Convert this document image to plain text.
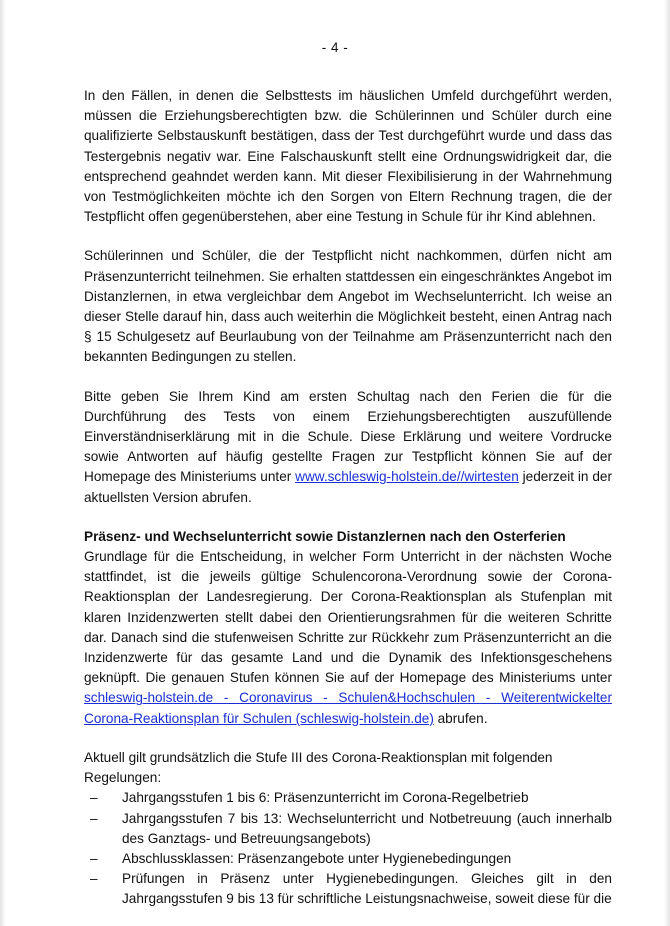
- 4 -

In den Fällen, in denen die Selbsttests im häuslichen Umfeld durchgeführt werden, müssen die Erziehungsberechtigten bzw. die Schülerinnen und Schüler durch eine qualifizierte Selbstauskunft bestätigen, dass der Test durchgeführt wurde und dass das Testergebnis negativ war. Eine Falschauskunft stellt eine Ordnungswidrigkeit dar, die entsprechend geahndet werden kann. Mit dieser Flexibilisierung in der Wahrnehmung von Testmöglichkeiten möchte ich den Sorgen von Eltern Rechnung tragen, die der Testpflicht offen gegenüberstehen, aber eine Testung in Schule für ihr Kind ablehnen.

Schülerinnen und Schüler, die der Testpflicht nicht nachkommen, dürfen nicht am Präsenzunterricht teilnehmen. Sie erhalten stattdessen ein eingeschränktes Angebot im Distanzlernen, in etwa vergleichbar dem Angebot im Wechselunterricht. Ich weise an dieser Stelle darauf hin, dass auch weiterhin die Möglichkeit besteht, einen Antrag nach § 15 Schulgesetz auf Beurlaubung von der Teilnahme am Präsenzunterricht nach den bekannten Bedingungen zu stellen.

Bitte geben Sie Ihrem Kind am ersten Schultag nach den Ferien die für die Durchführung des Tests von einem Erziehungsberechtigten auszufüllende Einverständniserklärung mit in die Schule. Diese Erklärung und weitere Vordrucke sowie Antworten auf häufig gestellte Fragen zur Testpflicht können Sie auf der Homepage des Ministeriums unter www.schleswig-holstein.de//wirtesten jederzeit in der aktuellsten Version abrufen.

Präsenz- und Wechselunterricht sowie Distanzlernen nach den Osterferien

Grundlage für die Entscheidung, in welcher Form Unterricht in der nächsten Woche stattfindet, ist die jeweils gültige Schulencorona-Verordnung sowie der Corona-Reaktionsplan der Landesregierung. Der Corona-Reaktionsplan als Stufenplan mit klaren Inzidenzwerten stellt dabei den Orientierungsrahmen für die weiteren Schritte dar. Danach sind die stufenweisen Schritte zur Rückkehr zum Präsenzunterricht an die Inzidenzwerte für das gesamte Land und die Dynamik des Infektionsgeschehens geknüpft. Die genauen Stufen können Sie auf der Homepage des Ministeriums unter schleswig-holstein.de - Coronavirus - Schulen&Hochschulen - Weiterentwickelter Corona-Reaktionsplan für Schulen (schleswig-holstein.de) abrufen.

Aktuell gilt grundsätzlich die Stufe III des Corona-Reaktionsplan mit folgenden Regelungen:

– Jahrgangsstufen 1 bis 6: Präsenzunterricht im Corona-Regelbetrieb
– Jahrgangsstufen 7 bis 13: Wechselunterricht und Notbetreuung (auch innerhalb des Ganztags- und Betreuungsangebots)
– Abschlussklassen: Präsenzangebote unter Hygienebedingungen
– Prüfungen in Präsenz unter Hygienebedingungen. Gleiches gilt in den Jahrgangsstufen 9 bis 13 für schriftliche Leistungsnachweise, soweit diese für die
